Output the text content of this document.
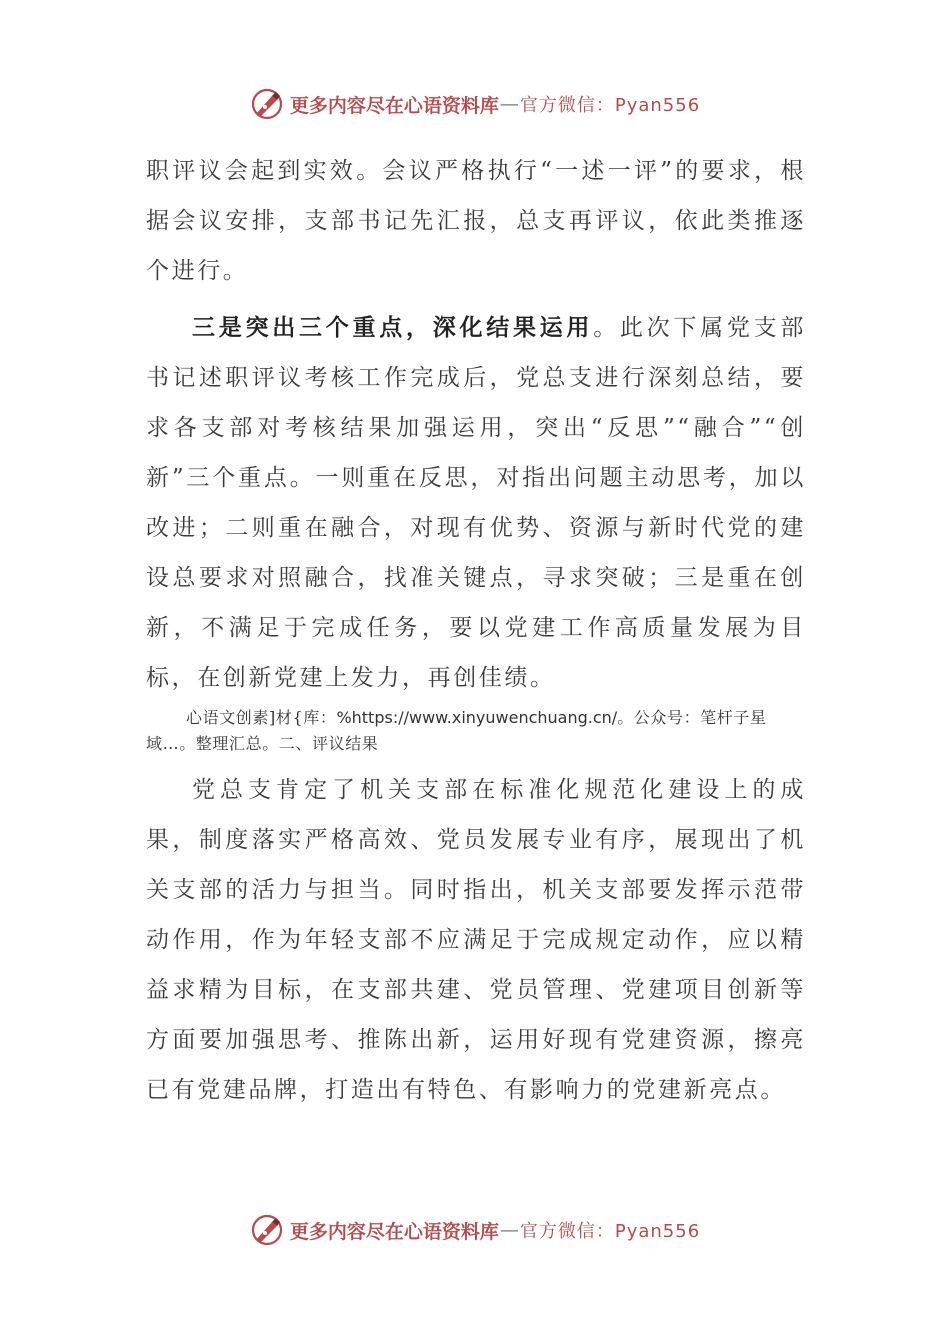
更多内容尽在心语资料库 — 官方微信：Pyan556

职评议会起到实效。会议严格执行“一述一评”的要求，根据会议安排，支部书记先汇报，总支再评议，依此类推逐个进行。

三是突出三个重点，深化结果运用。此次下属党支部书记述职评议考核工作完成后，党总支进行深刻总结，要求各支部对考核结果加强运用，突出“反思”“融合”“创新”三个重点。一则重在反思，对指出问题主动思考，加以改进；二则重在融合，对现有优势、资源与新时代党的建设总要求对照融合，找准关键点，寻求突破；三是重在创新，不满足于完成任务，要以党建工作高质量发展为目标，在创新党建上发力，再创佳绩。

心语文创素]材{库：%https://www.xinyuwenchuang.cn/。公众号：笔杆子星域…。整理汇总。二、评议结果

党总支肯定了机关支部在标准化规范化建设上的成果，制度落实严格高效、党员发展专业有序，展现出了机关支部的活力与担当。同时指出，机关支部要发挥示范带动作用，作为年轻支部不应满足于完成规定动作，应以精益求精为目标，在支部共建、党员管理、党建项目创新等方面要加强思考、推陈出新，运用好现有党建资源，擦亮已有党建品牌，打造出有特色、有影响力的党建新亮点。

更多内容尽在心语资料库 — 官方微信：Pyan556
